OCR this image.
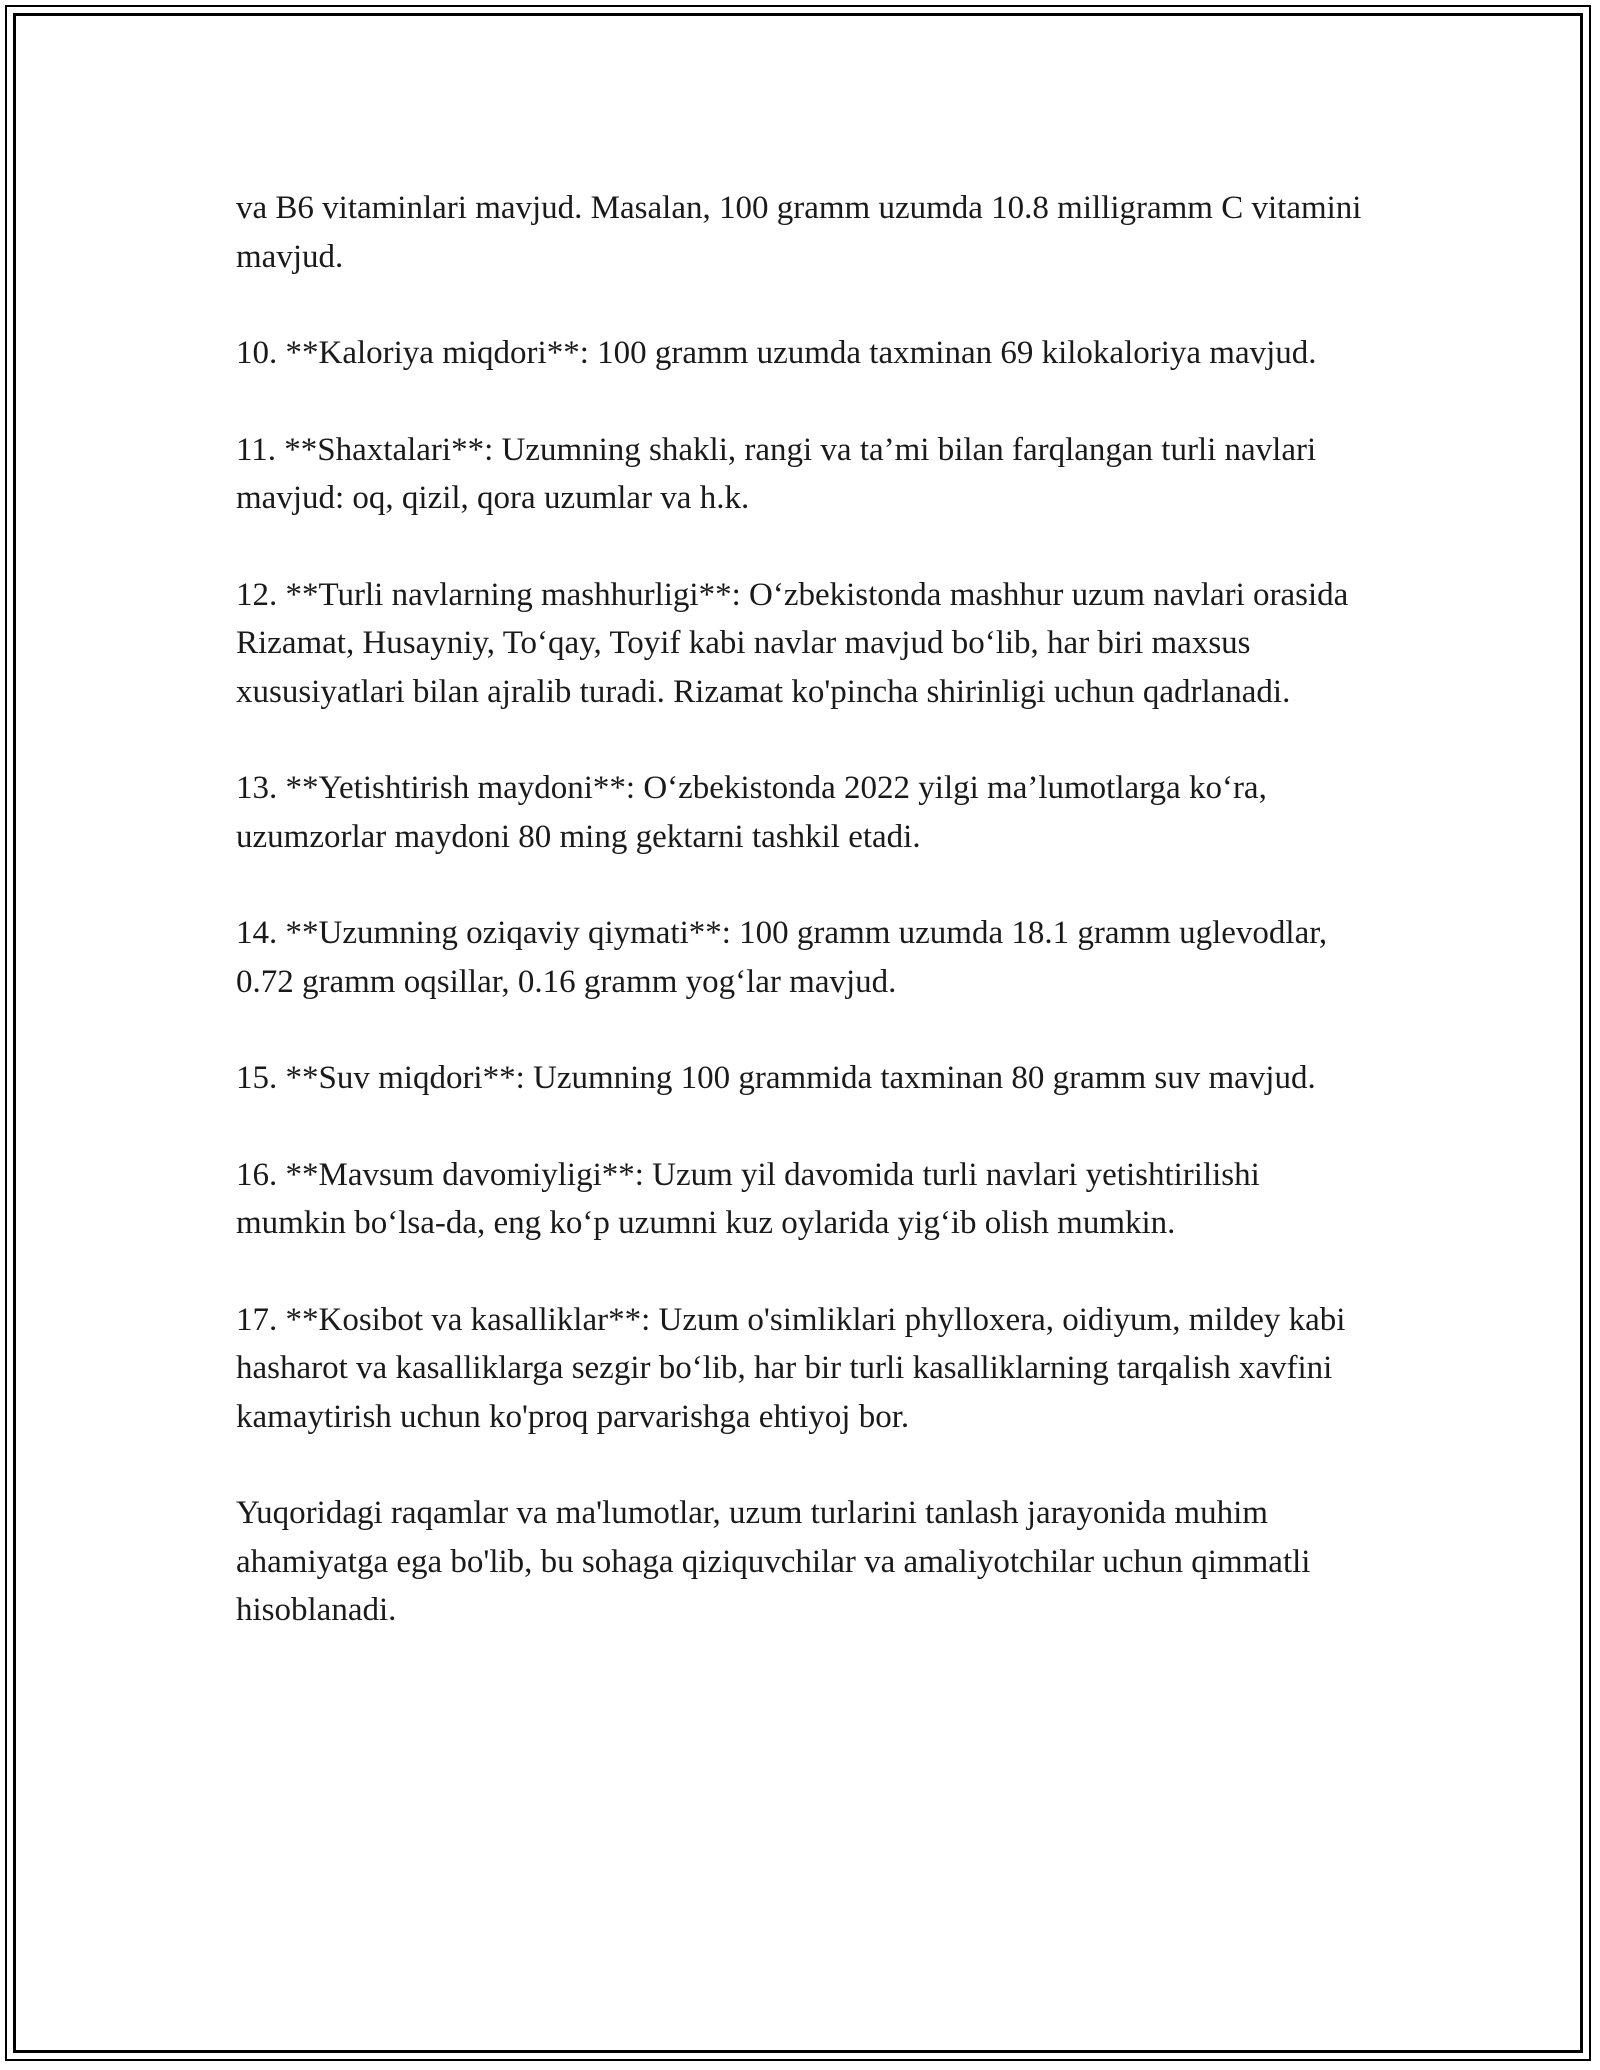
va B6 vitaminlari mavjud. Masalan, 100 gramm uzumda 10.8 milligramm C vitamini mavjud.

10. **Kaloriya miqdori**: 100 gramm uzumda taxminan 69 kilokaloriya mavjud.

11. **Shaxtalari**: Uzumning shakli, rangi va ta’mi bilan farqlangan turli navlari mavjud: oq, qizil, qora uzumlar va h.k.

12. **Turli navlarning mashhurligi**: O‘zbekistonda mashhur uzum navlari orasida Rizamat, Husayniy, To‘qay, Toyif kabi navlar mavjud bo‘lib, har biri maxsus xususiyatlari bilan ajralib turadi. Rizamat ko'pincha shirinligi uchun qadrlanadi.

13. **Yetishtirish maydoni**: O‘zbekistonda 2022 yilgi ma’lumotlarga ko‘ra, uzumzorlar maydoni 80 ming gektarni tashkil etadi.

14. **Uzumning oziqaviy qiymati**: 100 gramm uzumda 18.1 gramm uglevodlar, 0.72 gramm oqsillar, 0.16 gramm yog‘lar mavjud.

15. **Suv miqdori**: Uzumning 100 grammida taxminan 80 gramm suv mavjud.

16. **Mavsum davomiyligi**: Uzum yil davomida turli navlari yetishtirilishi mumkin bo‘lsa-da, eng ko‘p uzumni kuz oylarida yig‘ib olish mumkin.

17. **Kosibot va kasalliklar**: Uzum o'simliklari phylloxera, oidiyum, mildey kabi hasharot va kasalliklarga sezgir bo‘lib, har bir turli kasalliklarning tarqalish xavfini kamaytirish uchun ko'proq parvarishga ehtiyoj bor.

Yuqoridagi raqamlar va ma'lumotlar, uzum turlarini tanlash jarayonida muhim ahamiyatga ega bo'lib, bu sohaga qiziquvchilar va amaliyotchilar uchun qimmatli hisoblanadi.
